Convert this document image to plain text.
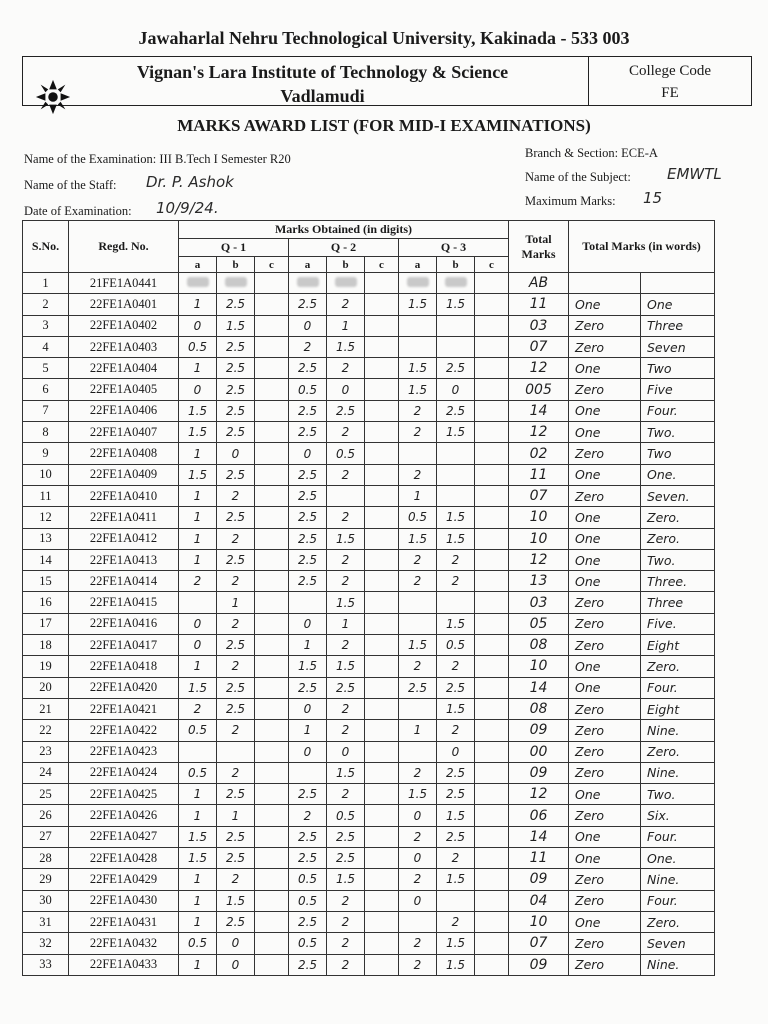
Jawaharlal Nehru Technological University, Kakinada - 533 003
Vignan's Lara Institute of Technology & Science
Vadlamudi
College Code
FE
MARKS AWARD LIST (FOR MID-I EXAMINATIONS)
Name of the Examination: III B.Tech I Semester R20
Name of the Staff: Dr. P. Ashok
Date of Examination: 10/9/24.
Branch & Section: ECE-A
Name of the Subject: EMWTL
Maximum Marks: 15
S.No.	Regd. No.	Marks Obtained (in digits)									Total Marks	Total Marks (in words)	
		Q - 1			Q - 2			Q - 3					
		a	b	c	a	b	c	a	b	c			
1	21FE1A0441										AB		
2	22FE1A0401	1	2.5		2.5	2		1.5	1.5		11	One	One
3	22FE1A0402	0	1.5		0	1					03	Zero	Three
4	22FE1A0403	0.5	2.5		2	1.5					07	Zero	Seven
5	22FE1A0404	1	2.5		2.5	2		1.5	2.5		12	One	Two
6	22FE1A0405	0	2.5		0.5	0		1.5	0		005	Zero	Five
7	22FE1A0406	1.5	2.5		2.5	2.5		2	2.5		14	One	Four.
8	22FE1A0407	1.5	2.5		2.5	2		2	1.5		12	One	Two.
9	22FE1A0408	1	0		0	0.5					02	Zero	Two
10	22FE1A0409	1.5	2.5		2.5	2		2			11	One	One.
11	22FE1A0410	1	2		2.5			1			07	Zero	Seven.
12	22FE1A0411	1	2.5		2.5	2		0.5	1.5		10	One	Zero.
13	22FE1A0412	1	2		2.5	1.5		1.5	1.5		10	One	Zero.
14	22FE1A0413	1	2.5		2.5	2		2	2		12	One	Two.
15	22FE1A0414	2	2		2.5	2		2	2		13	One	Three.
16	22FE1A0415		1			1.5					03	Zero	Three
17	22FE1A0416	0	2		0	1			1.5		05	Zero	Five.
18	22FE1A0417	0	2.5		1	2		1.5	0.5		08	Zero	Eight
19	22FE1A0418	1	2		1.5	1.5		2	2		10	One	Zero.
20	22FE1A0420	1.5	2.5		2.5	2.5		2.5	2.5		14	One	Four.
21	22FE1A0421	2	2.5		0	2			1.5		08	Zero	Eight
22	22FE1A0422	0.5	2		1	2		1	2		09	Zero	Nine.
23	22FE1A0423				0	0			0		00	Zero	Zero.
24	22FE1A0424	0.5	2			1.5		2	2.5		09	Zero	Nine.
25	22FE1A0425	1	2.5		2.5	2		1.5	2.5		12	One	Two.
26	22FE1A0426	1	1		2	0.5		0	1.5		06	Zero	Six.
27	22FE1A0427	1.5	2.5		2.5	2.5		2	2.5		14	One	Four.
28	22FE1A0428	1.5	2.5		2.5	2.5		0	2		11	One	One.
29	22FE1A0429	1	2		0.5	1.5		2	1.5		09	Zero	Nine.
30	22FE1A0430	1	1.5		0.5	2		0			04	Zero	Four.
31	22FE1A0431	1	2.5		2.5	2			2		10	One	Zero.
32	22FE1A0432	0.5	0		0.5	2		2	1.5		07	Zero	Seven
33	22FE1A0433	1	0		2.5	2		2	1.5		09	Zero	Nine.
